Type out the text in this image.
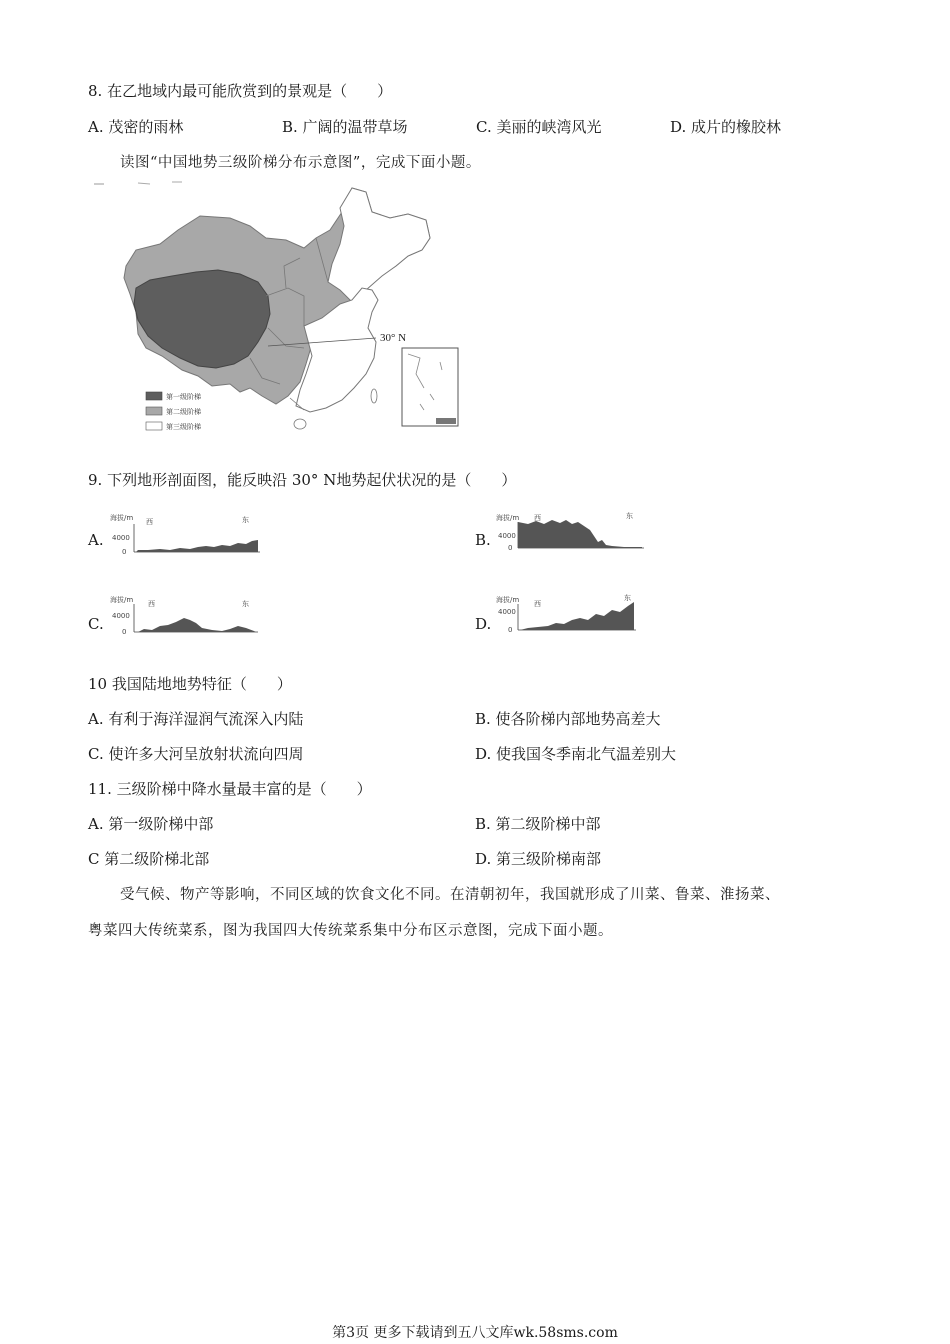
8. 在乙地域内最可能欣赏到的景观是（　　）
A. 茂密的雨林	B. 广阔的温带草场	C. 美丽的峡湾风光	D. 成片的橡胶林
读图“中国地势三级阶梯分布示意图”，完成下面小题。
30° N
第一级阶梯
第二级阶梯
第三级阶梯
9. 下列地形剖面图，能反映沿 30° N地势起伏状况的是（　　）
A.
海拔/m 西	东
4000
0
B.
海拔/m 西	东
4000
0
C.
海拔/m 西	东
4000
0	D.
海拔/m 西
东
4000
0
10 我国陆地地势特征（　　）
A. 有利于海洋湿润气流深入内陆	B. 使各阶梯内部地势高差大
C. 使许多大河呈放射状流向四周	D. 使我国冬季南北气温差别大
11. 三级阶梯中降水量最丰富的是（　　）
A. 第一级阶梯中部	B. 第二级阶梯中部
C 第二级阶梯北部	D. 第三级阶梯南部
受气候、物产等影响，不同区域的饮食文化不同。在清朝初年，我国就形成了川菜、鲁菜、淮扬菜、
粤菜四大传统菜系，图为我国四大传统菜系集中分布区示意图，完成下面小题。
第3页 更多下载请到五八文库wk.58sms.com
